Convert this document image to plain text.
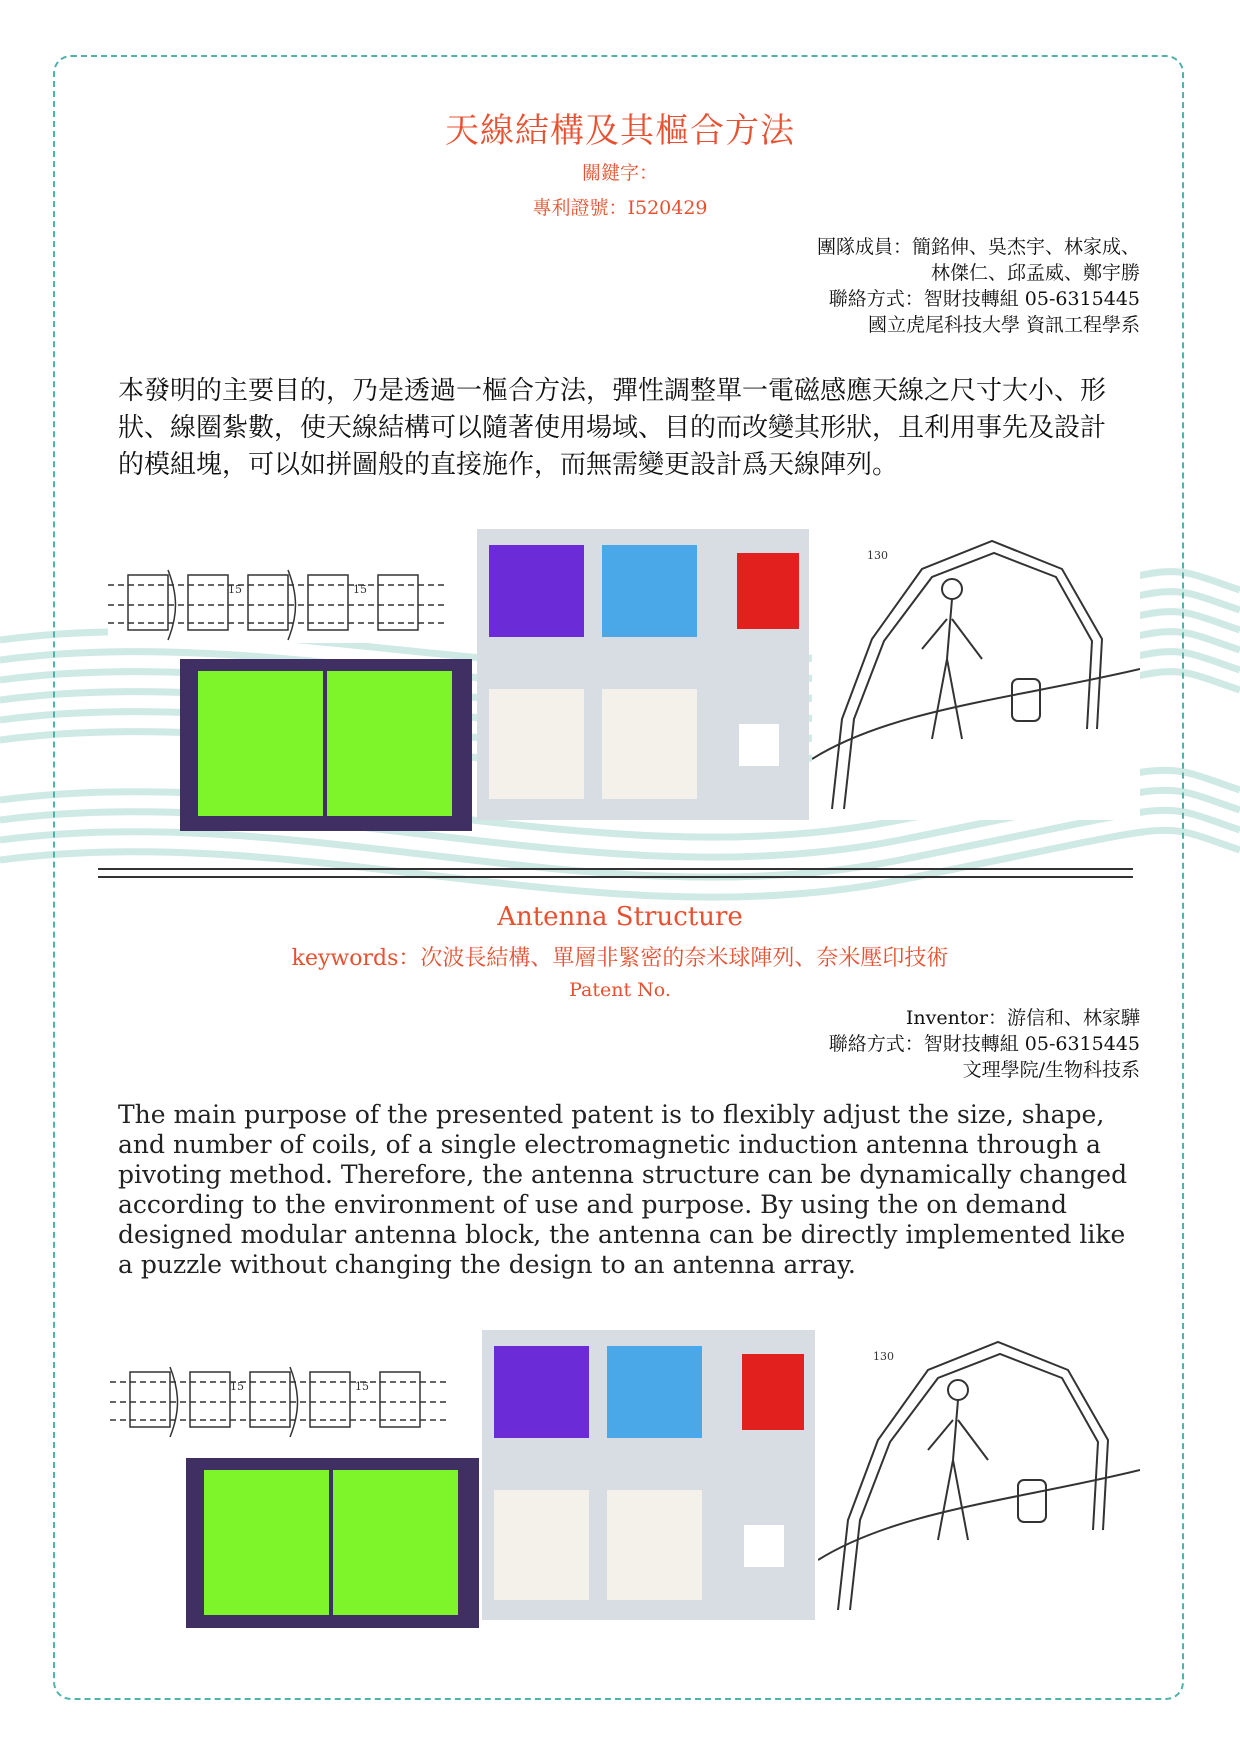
天線結構及其樞合方法
關鍵字：
專利證號：I520429
團隊成員：簡銘伸、吳杰宇、林家成、
林傑仁、邱孟威、鄭宇勝
聯絡方式：智財技轉組 05-6315445
國立虎尾科技大學 資訊工程學系
本發明的主要目的，乃是透過一樞合方法，彈性調整單一電磁感應天線之尺寸大小、形狀、線圈紮數，使天線結構可以隨著使用場域、目的而改變其形狀，且利用事先及設計的模組塊，可以如拼圖般的直接施作，而無需變更設計爲天線陣列。
15	15
130
Antenna Structure
keywords：次波長結構、單層非緊密的奈米球陣列、奈米壓印技術
Patent No.
Inventor：游信和、林家驊
聯絡方式：智財技轉組 05-6315445
文理學院/生物科技系
The main purpose of the presented patent is to flexibly adjust the size, shape, and number of coils, of a single electromagnetic induction antenna through a pivoting method. Therefore, the antenna structure can be dynamically changed according to the environment of use and purpose. By using the on demand designed modular antenna block, the antenna can be directly implemented like a puzzle without changing the design to an antenna array.
15	15
130
